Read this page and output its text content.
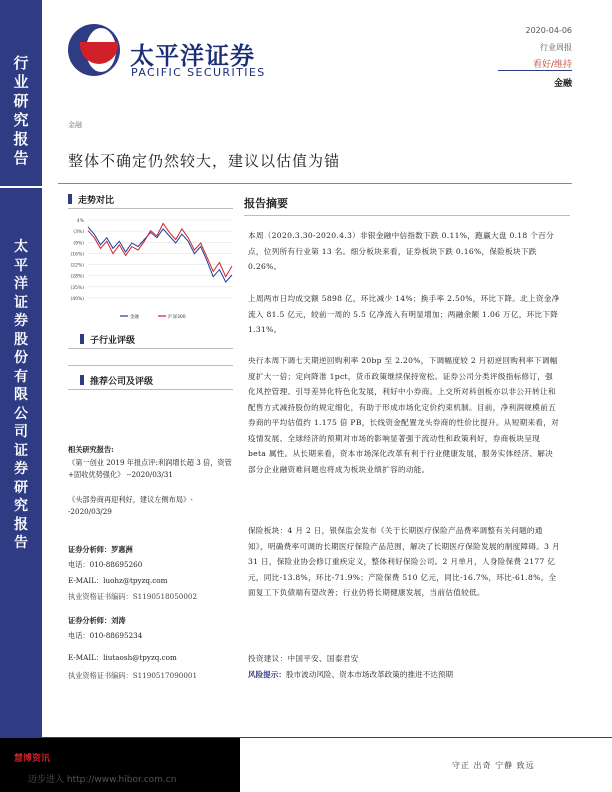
行
业
研
究
报
告
太
平
洋
证
券
股
份
有
限
公
司
证
券
研
究
报
告
太平洋证券
PACIFIC SECURITIES
2020-04-06
行业周报
看好/维持
金融
金融
整体不确定仍然较大，建议以估值为锚
走势对比
4%
(3%)
(9%)
(16%)
(22%)
(28%)
(35%)
(40%)
金融	沪深300
子行业评级
推荐公司及评级
相关研究报告:
《第一创业 2019 年报点评:利润增长超 3 倍，资管+固收优势强化》 --2020/03/31
《头部券商再迎利好，建议左侧布局》--2020/03/29
证券分析师：罗惠洲
电话：010-88695260
E-MAIL：luohz@tpyzq.com
执业资格证书编码：S1190518050002
证券分析师：刘涛
电话：010-88695234
E-MAIL：liutaosh@tpyzq.com
执业资格证书编码：S1190517090001
报告摘要
本周（2020.3.30-2020.4.3）非银金融中信指数下跌 0.11%，跑赢大盘 0.18 个百分点，位列所有行业第 13 名。细分板块来看，证券板块下跌 0.16%，保险板块下跌 0.26%。
上周两市日均成交额 5898 亿，环比减少 14%；换手率 2.50%，环比下降。北上资金净流入 81.5 亿元，较前一周的 5.5 亿净流入有明显增加；两融余额 1.06 万亿，环比下降 1.31%。
央行本周下调七天期逆回购利率 20bp 至 2.20%，下调幅度较 2 月初逆回购利率下调幅度扩大一倍；定向降准 1pct，货币政策继续保持宽松。证券公司分类评级指标修订，强化风控管理、引导差异化特色化发展，利好中小券商。上交所对科创板亦以非公开转让和配售方式减持股份的规定细化，有助于形成市场化定价约束机制。目前，净利润规模前五券商的平均估值约 1.175 倍 PB，长线资金配置龙头券商的性价比提升。从短期来看，对疫情发展、全球经济的预期对市场的影响显著强于流动性和政策利好，券商板块呈现 beta 属性。从长期来看，资本市场深化改革有利于行业健康发展，服务实体经济、解决部分企业融资难问题也将成为板块业绩扩容的动能。
保险板块：4 月 2 日，银保监会发布《关于长期医疗保险产品费率调整有关问题的通知》，明确费率可调的长期医疗保险产品范围，解决了长期医疗保险发展的制度障碍。3 月 31 日，保险业协会修订重疾定义，整体利好保险公司。2 月单月，人身险保费 2177 亿元，同比-13.8%，环比-71.9%；产险保费 510 亿元，同比-16.7%，环比-61.8%。全面复工下负债端有望改善；行业仍将长期健康发展，当前估值较低。
投资建议：中国平安、国泰君安
风险提示：股市波动风险、资本市场改革政策的推进不达预期
慧博资讯
迈步进入 http://www.hibor.com.cn
守正 出奇 宁静 致远
